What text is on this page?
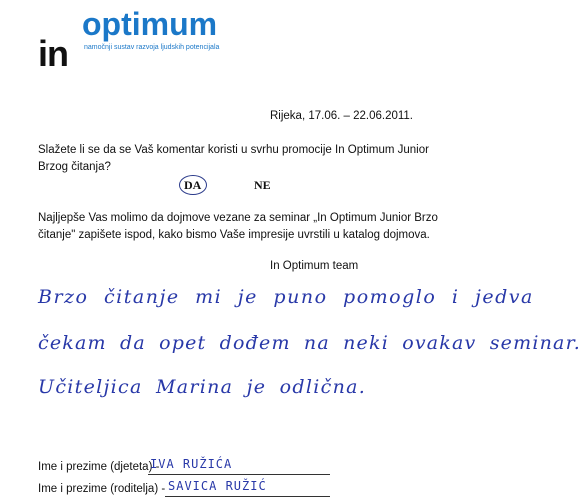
in
optimum
namočnji sustav razvoja ljudskih potencijala
Rijeka, 17.06. – 22.06.2011.
Slažete li se da se Vaš komentar koristi u svrhu promocije In Optimum Junior Brzog čitanja?
DA	NE
Najljepše Vas molimo da dojmove vezane za seminar „In Optimum Junior Brzo čitanje" zapišete ispod, kako bismo Vaše impresije uvrstili u katalog dojmova.
In Optimum team
Brzo čitanje mi je puno pomoglo i jedva
čekam da opet dođem na neki ovakav seminar.
Učiteljica Marina je odlična.
Ime i prezime (djeteta) -
IVA RUŽIĆA
Ime i prezime (roditelja) - SAVICA RUŽIĆ
